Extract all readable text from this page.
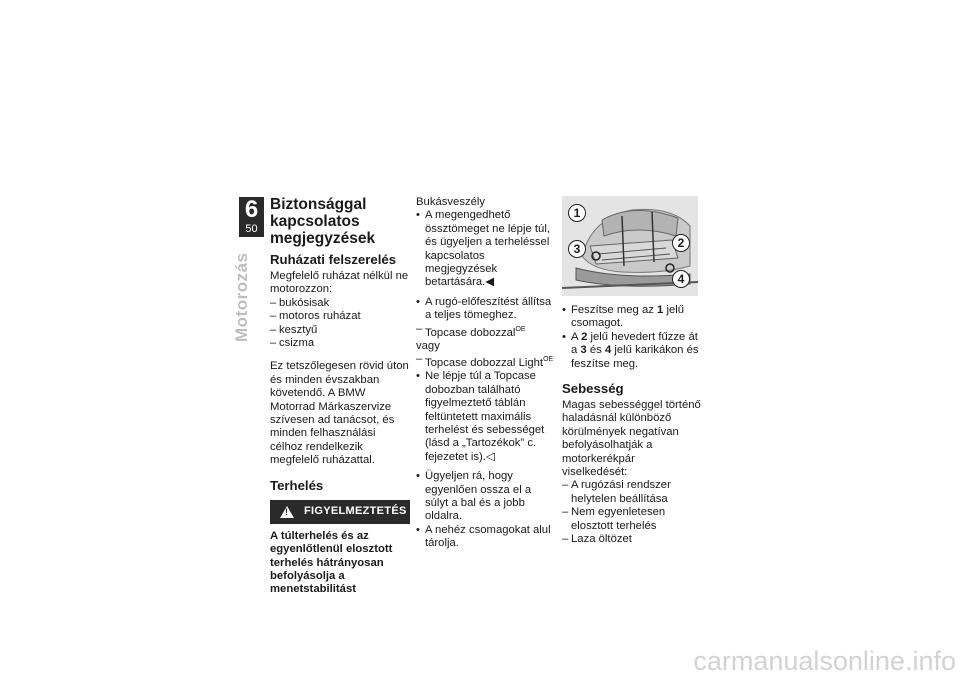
6
50
Motorozás
Biztonsággal kapcsolatos megjegyzések
Ruházati felszerelés

Megfelelő ruházat nélkül ne motorozzon:

– bukósisak
– motoros ruházat
– kesztyű
– csizma

Ez tetszőlegesen rövid úton és minden évszakban követendő. A BMW Motorrad Márkaszervize szívesen ad tanácsot, és minden felhasználási célhoz rendelkezik megfelelő ruházattal.

Terhelés
!
FIGYELMEZTETÉS

A túlterhelés és az egyenlőtlenül elosztott terhelés hátrányosan befolyásolja a menetstabilitást

Bukásveszély

• A megengedhető össztömeget ne lépje túl, és ügyeljen a terheléssel kapcsolatos megjegyzések betartására.◀
• A rugó-előfeszítést állítsa a teljes tömeghez.
– Topcase dobozzal$^{OE}$

vagy

– Topcase dobozzal Light$^{OE}$
• Ne lépje túl a Topcase dobozban található figyelmeztető táblán feltüntetett maximális terhelést és sebességet (lásd a „Tartozékok” c. fejezetet is).◁
• Ügyeljen rá, hogy egyenlően ossza el a súlyt a bal és a jobb oldalra.
• A nehéz csomagokat alul tárolja.
1
2
3
4
• Feszítse meg az 1 jelű csomagot.
• A 2 jelű hevedert fűzze át a 3 és 4 jelű karikákon és feszítse meg.
Sebesség

Magas sebességgel történő haladásnál különböző körülmények negatívan befolyásolhatják a motorkerékpár viselkedését:

– A rugózási rendszer helytelen beállítása
– Nem egyenletesen elosztott terhelés
– Laza öltözet
carmanualsonline.info
